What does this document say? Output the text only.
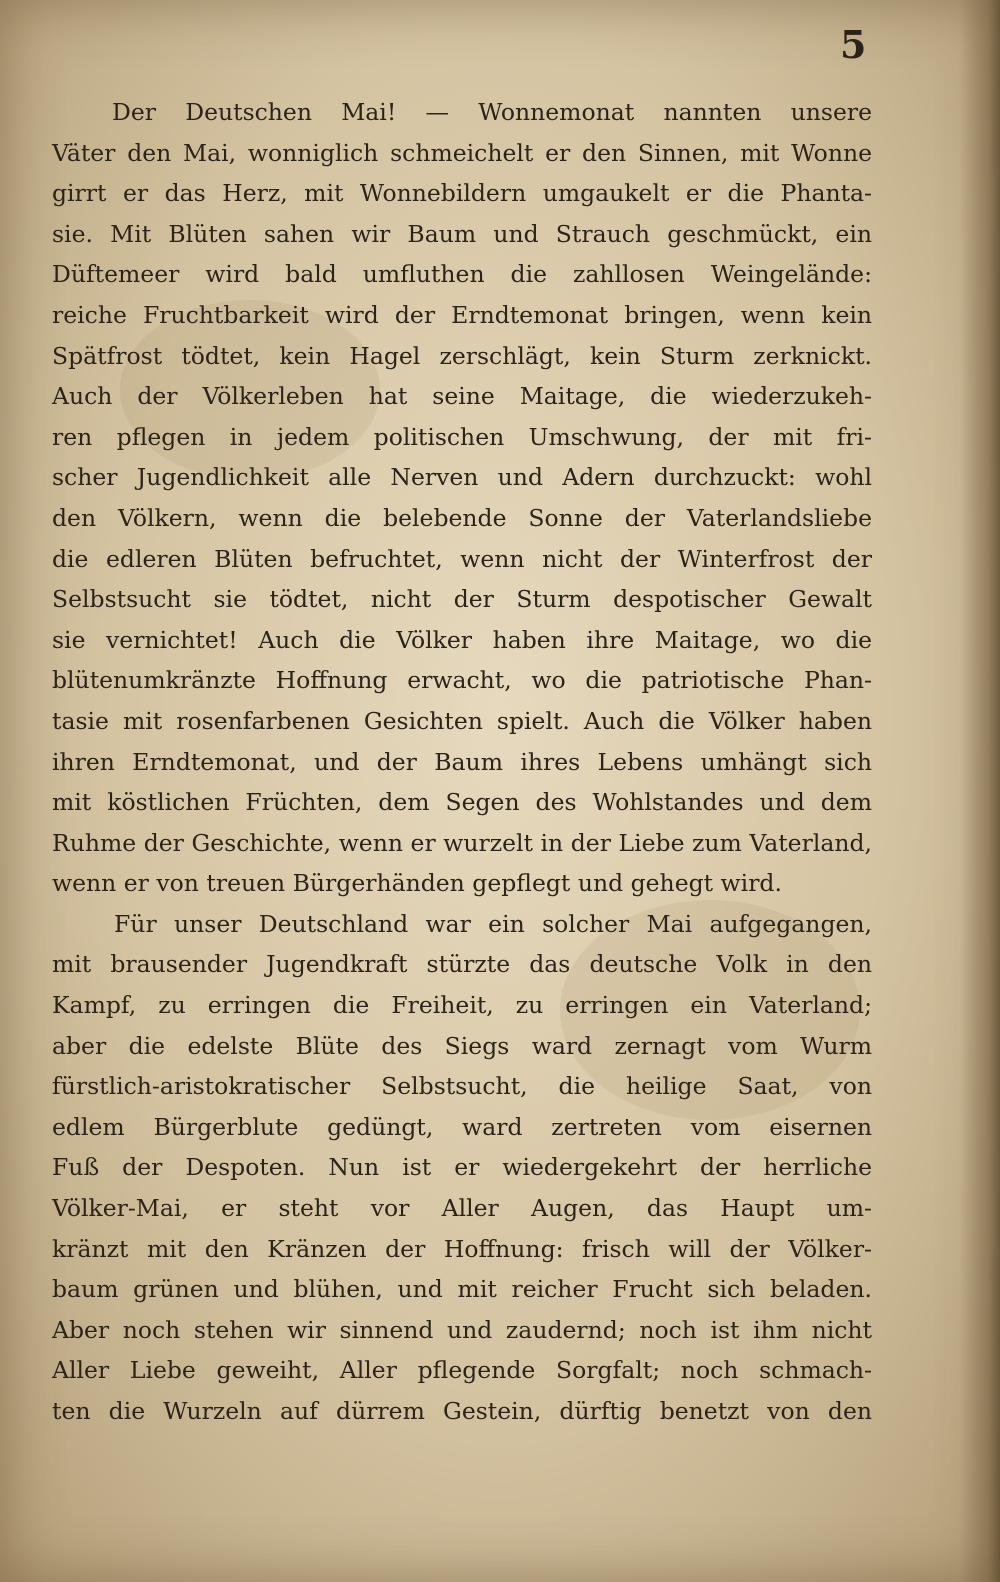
5
Der Deutschen Mai! — Wonnemonat nannten unsere
Väter den Mai, wonniglich schmeichelt er den Sinnen, mit Wonne
girrt er das Herz, mit Wonnebildern umgaukelt er die Phanta-
sie. Mit Blüten sahen wir Baum und Strauch geschmückt, ein
Düftemeer wird bald umfluthen die zahllosen Weingelände:
reiche Fruchtbarkeit wird der Erndtemonat bringen, wenn kein
Spätfrost tödtet, kein Hagel zerschlägt, kein Sturm zerknickt.
Auch der Völkerleben hat seine Maitage, die wiederzukeh-
ren pflegen in jedem politischen Umschwung, der mit fri-
scher Jugendlichkeit alle Nerven und Adern durchzuckt: wohl
den Völkern, wenn die belebende Sonne der Vaterlandsliebe
die edleren Blüten befruchtet, wenn nicht der Winterfrost der
Selbstsucht sie tödtet, nicht der Sturm despotischer Gewalt
sie vernichtet! Auch die Völker haben ihre Maitage, wo die
blütenumkränzte Hoffnung erwacht, wo die patriotische Phan-
tasie mit rosenfarbenen Gesichten spielt. Auch die Völker haben
ihren Erndtemonat, und der Baum ihres Lebens umhängt sich
mit köstlichen Früchten, dem Segen des Wohlstandes und dem
Ruhme der Geschichte, wenn er wurzelt in der Liebe zum Vaterland,
wenn er von treuen Bürgerhänden gepflegt und gehegt wird.
Für unser Deutschland war ein solcher Mai aufgegangen,
mit brausender Jugendkraft stürzte das deutsche Volk in den
Kampf, zu erringen die Freiheit, zu erringen ein Vaterland;
aber die edelste Blüte des Siegs ward zernagt vom Wurm
fürstlich-aristokratischer Selbstsucht, die heilige Saat, von
edlem Bürgerblute gedüngt, ward zertreten vom eisernen
Fuß der Despoten. Nun ist er wiedergekehrt der herrliche
Völker-Mai, er steht vor Aller Augen, das Haupt um-
kränzt mit den Kränzen der Hoffnung: frisch will der Völker-
baum grünen und blühen, und mit reicher Frucht sich beladen.
Aber noch stehen wir sinnend und zaudernd; noch ist ihm nicht
Aller Liebe geweiht, Aller pflegende Sorgfalt; noch schmach-
ten die Wurzeln auf dürrem Gestein, dürftig benetzt von den
